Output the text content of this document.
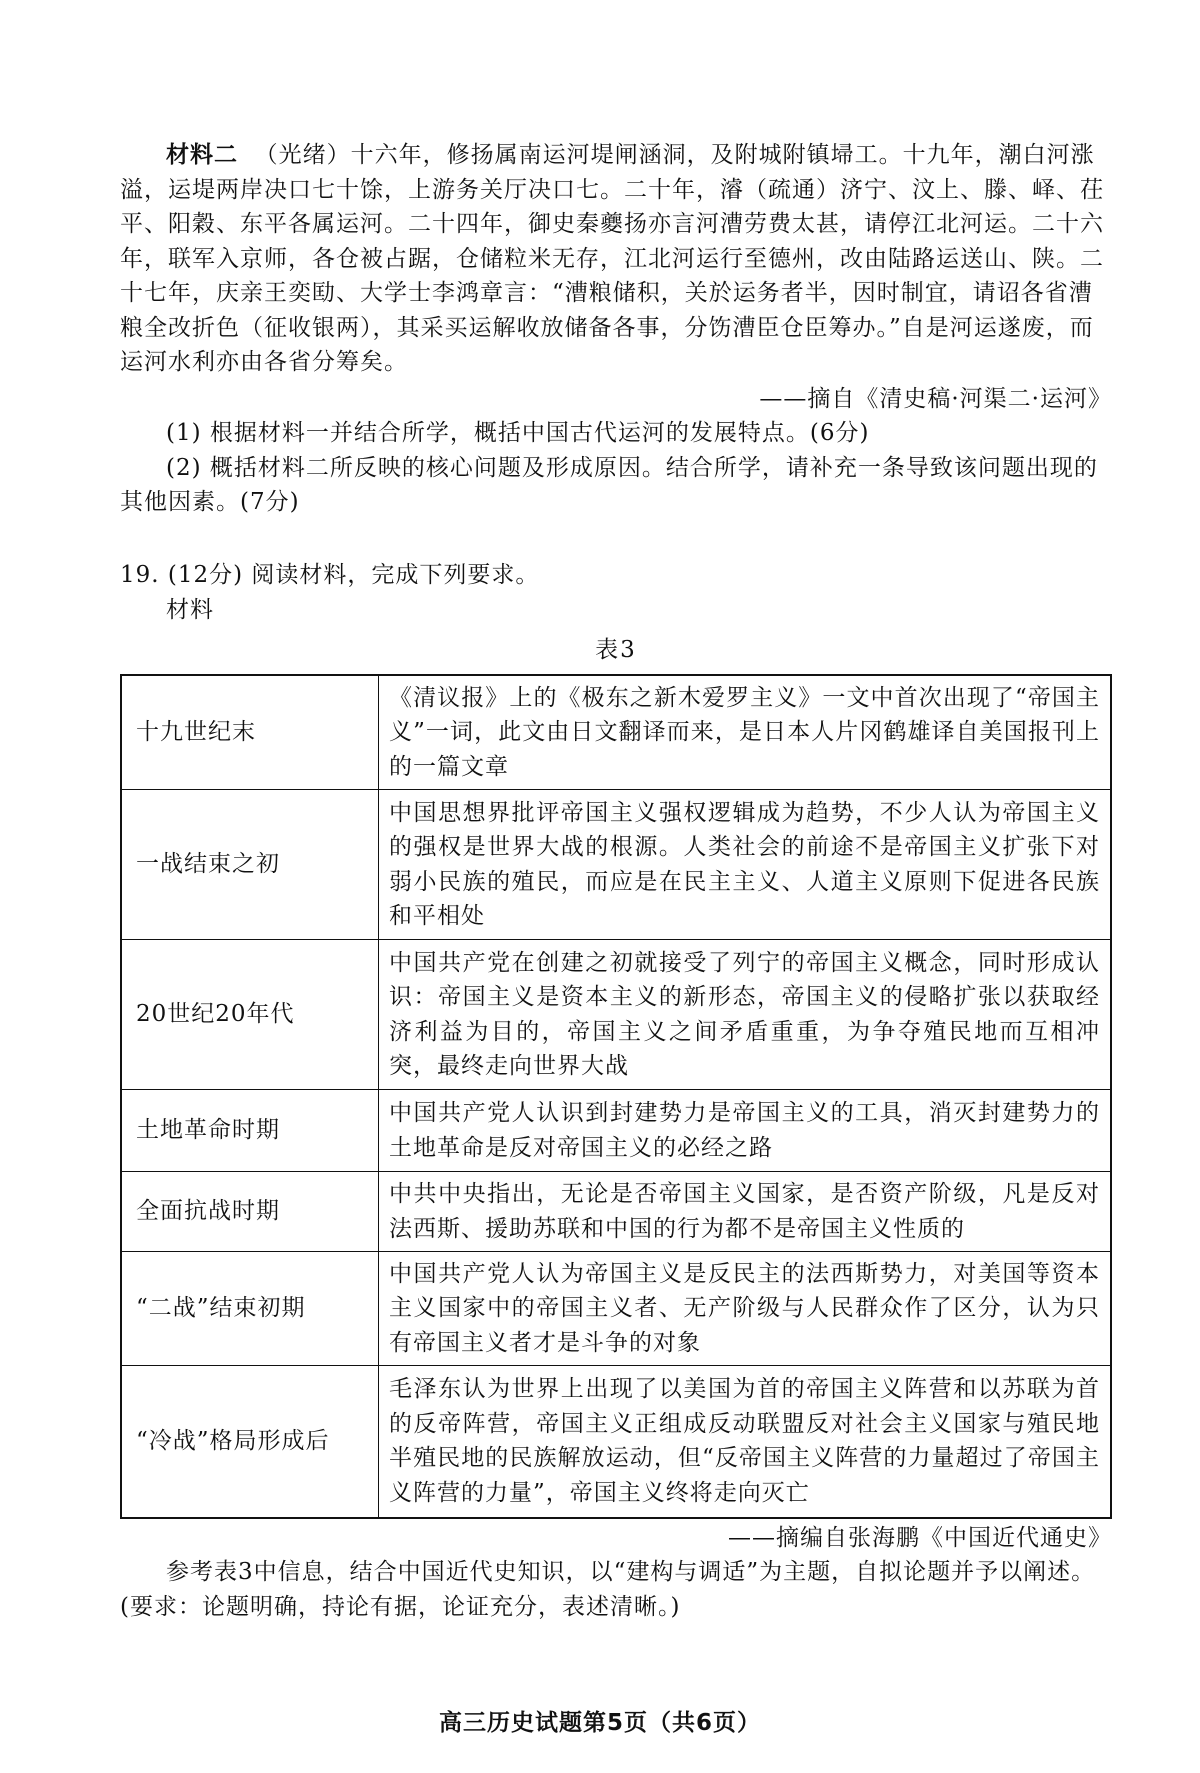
材料二 （光绪）十六年，修扬属南运河堤闸涵洞，及附城附镇埽工。十九年，潮白河涨溢，运堤两岸决口七十馀，上游务关厅决口七。二十年，濬（疏通）济宁、汶上、滕、峄、茌平、阳穀、东平各属运河。二十四年，御史秦夔扬亦言河漕劳费太甚，请停江北河运。二十六年，联军入京师，各仓被占踞，仓储粒米无存，江北河运行至德州，改由陆路运送山、陕。二十七年，庆亲王奕劻、大学士李鸿章言：“漕粮储积，关於运务者半，因时制宜，请诏各省漕粮全改折色（征收银两），其采买运解收放储备各事，分饬漕臣仓臣筹办。”自是河运遂废，而运河水利亦由各省分筹矣。

——摘自《清史稿·河渠二·运河》

(1) 根据材料一并结合所学，概括中国古代运河的发展特点。(6分)

(2) 概括材料二所反映的核心问题及形成原因。结合所学，请补充一条导致该问题出现的其他因素。(7分)

19. (12分) 阅读材料，完成下列要求。

材料

表3

十九世纪末	《清议报》上的《极东之新木爱罗主义》一文中首次出现了“帝国主义”一词，此文由日文翻译而来，是日本人片冈鹤雄译自美国报刊上的一篇文章
一战结束之初	中国思想界批评帝国主义强权逻辑成为趋势，不少人认为帝国主义的强权是世界大战的根源。人类社会的前途不是帝国主义扩张下对弱小民族的殖民，而应是在民主主义、人道主义原则下促进各民族和平相处
20世纪20年代	中国共产党在创建之初就接受了列宁的帝国主义概念，同时形成认识：帝国主义是资本主义的新形态，帝国主义的侵略扩张以获取经济利益为目的，帝国主义之间矛盾重重，为争夺殖民地而互相冲突，最终走向世界大战
土地革命时期	中国共产党人认识到封建势力是帝国主义的工具，消灭封建势力的土地革命是反对帝国主义的必经之路
全面抗战时期	中共中央指出，无论是否帝国主义国家，是否资产阶级，凡是反对法西斯、援助苏联和中国的行为都不是帝国主义性质的
“二战”结束初期	中国共产党人认为帝国主义是反民主的法西斯势力，对美国等资本主义国家中的帝国主义者、无产阶级与人民群众作了区分，认为只有帝国主义者才是斗争的对象
“冷战”格局形成后	毛泽东认为世界上出现了以美国为首的帝国主义阵营和以苏联为首的反帝阵营，帝国主义正组成反动联盟反对社会主义国家与殖民地半殖民地的民族解放运动，但“反帝国主义阵营的力量超过了帝国主义阵营的力量”，帝国主义终将走向灭亡

——摘编自张海鹏《中国近代通史》

参考表3中信息，结合中国近代史知识，以“建构与调适”为主题，自拟论题并予以阐述。(要求：论题明确，持论有据，论证充分，表述清晰。)

高三历史试题第5页（共6页）
